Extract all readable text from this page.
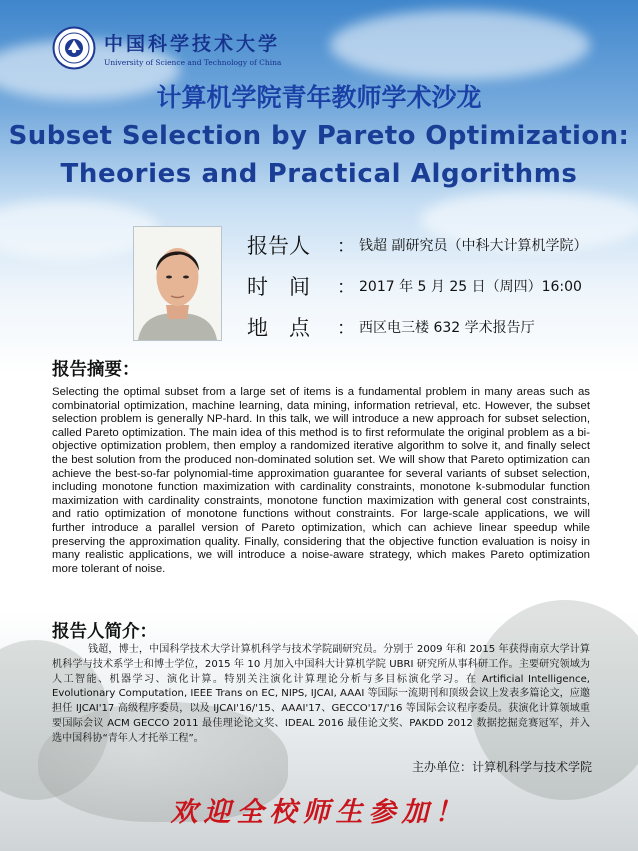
中国科学技术大学
University of Science and Technology of China
计算机学院青年教师学术沙龙
Subset Selection by Pareto Optimization:
Theories and Practical Algorithms
报告人	： 钱超 副研究员（中科大计算机学院）
时　间	： 2017 年 5 月 25 日（周四）16:00
地　点	： 西区电三楼 632 学术报告厅
报告摘要：
Selecting the optimal subset from a large set of items is a fundamental problem in many areas such as combinatorial optimization, machine learning, data mining, information retrieval, etc. However, the subset selection problem is generally NP-hard. In this talk, we will introduce a new approach for subset selection, called Pareto optimization. The main idea of this method is to first reformulate the original problem as a bi-objective optimization problem, then employ a randomized iterative algorithm to solve it, and finally select the best solution from the produced non-dominated solution set. We will show that Pareto optimization can achieve the best-so-far polynomial-time approximation guarantee for several variants of subset selection, including monotone function maximization with cardinality constraints, monotone k-submodular function maximization with cardinality constraints, monotone function maximization with general cost constraints, and ratio optimization of monotone functions without constraints. For large-scale applications, we will further introduce a parallel version of Pareto optimization, which can achieve linear speedup while preserving the approximation quality. Finally, considering that the objective function evaluation is noisy in many realistic applications, we will introduce a noise-aware strategy, which makes Pareto optimization more tolerant of noise.
报告人简介：
钱超，博士，中国科学技术大学计算机科学与技术学院副研究员。分别于 2009 年和 2015 年获得南京大学计算机科学与技术系学士和博士学位，2015 年 10 月加入中国科大计算机学院 UBRI 研究所从事科研工作。主要研究领域为人工智能、机器学习、演化计算。特别关注演化计算理论分析与多目标演化学习。在 Artificial Intelligence, Evolutionary Computation, IEEE Trans on EC, NIPS, IJCAI, AAAI 等国际一流期刊和顶级会议上发表多篇论文，应邀担任 IJCAI'17 高级程序委员，以及 IJCAI'16/'15、AAAI'17、GECCO'17/'16 等国际会议程序委员。获演化计算领域重要国际会议 ACM GECCO 2011 最佳理论论文奖、IDEAL 2016 最佳论文奖、PAKDD 2012 数据挖掘竞赛冠军，并入选中国科协“青年人才托举工程”。
主办单位：计算机科学与技术学院
欢迎全校师生参加！
